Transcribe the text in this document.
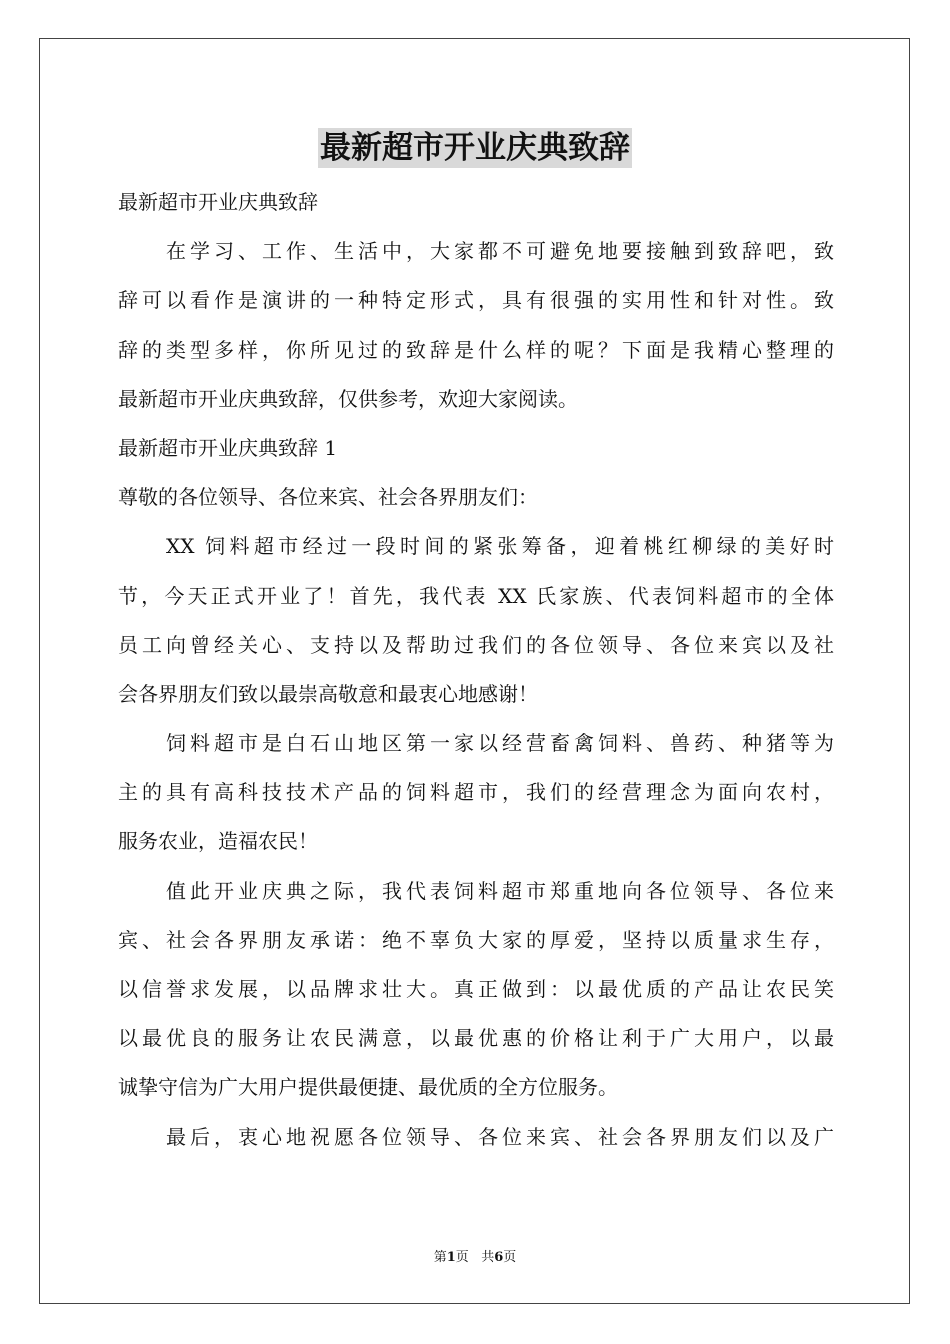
最新超市开业庆典致辞

最新超市开业庆典致辞

在学习、工作、生活中，大家都不可避免地要接触到致辞吧，致

辞可以看作是演讲的一种特定形式，具有很强的实用性和针对性。致

辞的类型多样，你所见过的致辞是什么样的呢？下面是我精心整理的

最新超市开业庆典致辞，仅供参考，欢迎大家阅读。

最新超市开业庆典致辞 1

尊敬的各位领导、各位来宾、社会各界朋友们：

XX 饲料超市经过一段时间的紧张筹备，迎着桃红柳绿的美好时

节，今天正式开业了！首先，我代表 XX 氏家族、代表饲料超市的全体

员工向曾经关心、支持以及帮助过我们的各位领导、各位来宾以及社

会各界朋友们致以最崇高敬意和最衷心地感谢！

饲料超市是白石山地区第一家以经营畜禽饲料、兽药、种猪等为

主的具有高科技技术产品的饲料超市，我们的经营理念为面向农村，

服务农业，造福农民！

值此开业庆典之际，我代表饲料超市郑重地向各位领导、各位来

宾、社会各界朋友承诺：绝不辜负大家的厚爱，坚持以质量求生存，

以信誉求发展，以品牌求壮大。真正做到：以最优质的产品让农民笑

以最优良的服务让农民满意，以最优惠的价格让利于广大用户，以最

诚挚守信为广大用户提供最便捷、最优质的全方位服务。

最后，衷心地祝愿各位领导、各位来宾、社会各界朋友们以及广

第1页 共6页
